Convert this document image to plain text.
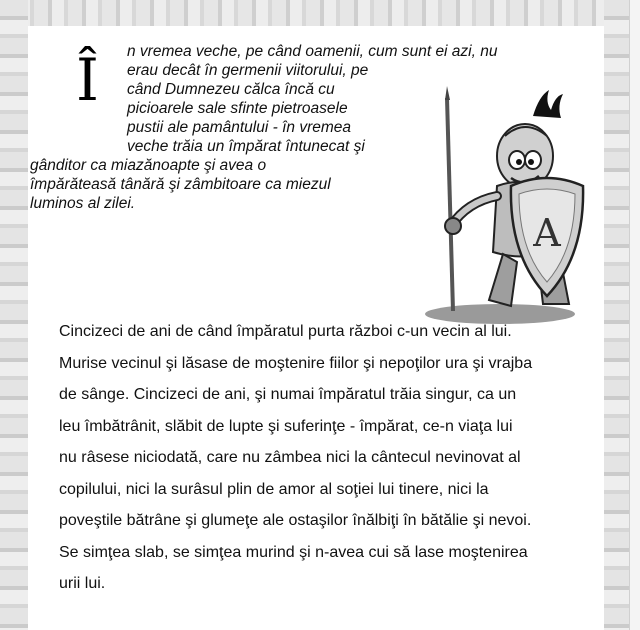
Î	n vremea veche, pe când oamenii, cum sunt ei azi, nu
erau decât în germenii viitorului, pe
când Dumnezeu călca încă cu
picioarele sale sfinte pietroasele
pustii ale pamântului - în vremea
veche trăia un împărat întunecat şi
gânditor ca miazănoapte şi avea o
împărăteasă tânără şi zâmbitoare ca miezul
luminos al zilei.
A
Cincizeci de ani de când împăratul purta război c-un vecin al lui.
Murise vecinul şi lăsase de moştenire fiilor şi nepoţilor ura şi vrajba
de sânge. Cincizeci de ani, şi numai împăratul trăia singur, ca un
leu îmbătrânit, slăbit de lupte şi suferinţe - împărat, ce-n viaţa lui
nu râsese niciodată, care nu zâmbea nici la cântecul nevinovat al
copilului, nici la surâsul plin de amor al soţiei lui tinere, nici la
poveştile bătrâne şi glumeţe ale ostaşilor înălbiţi în bătălie şi nevoi.
Se simţea slab, se simţea murind şi n-avea cui să lase moştenirea
urii lui.
